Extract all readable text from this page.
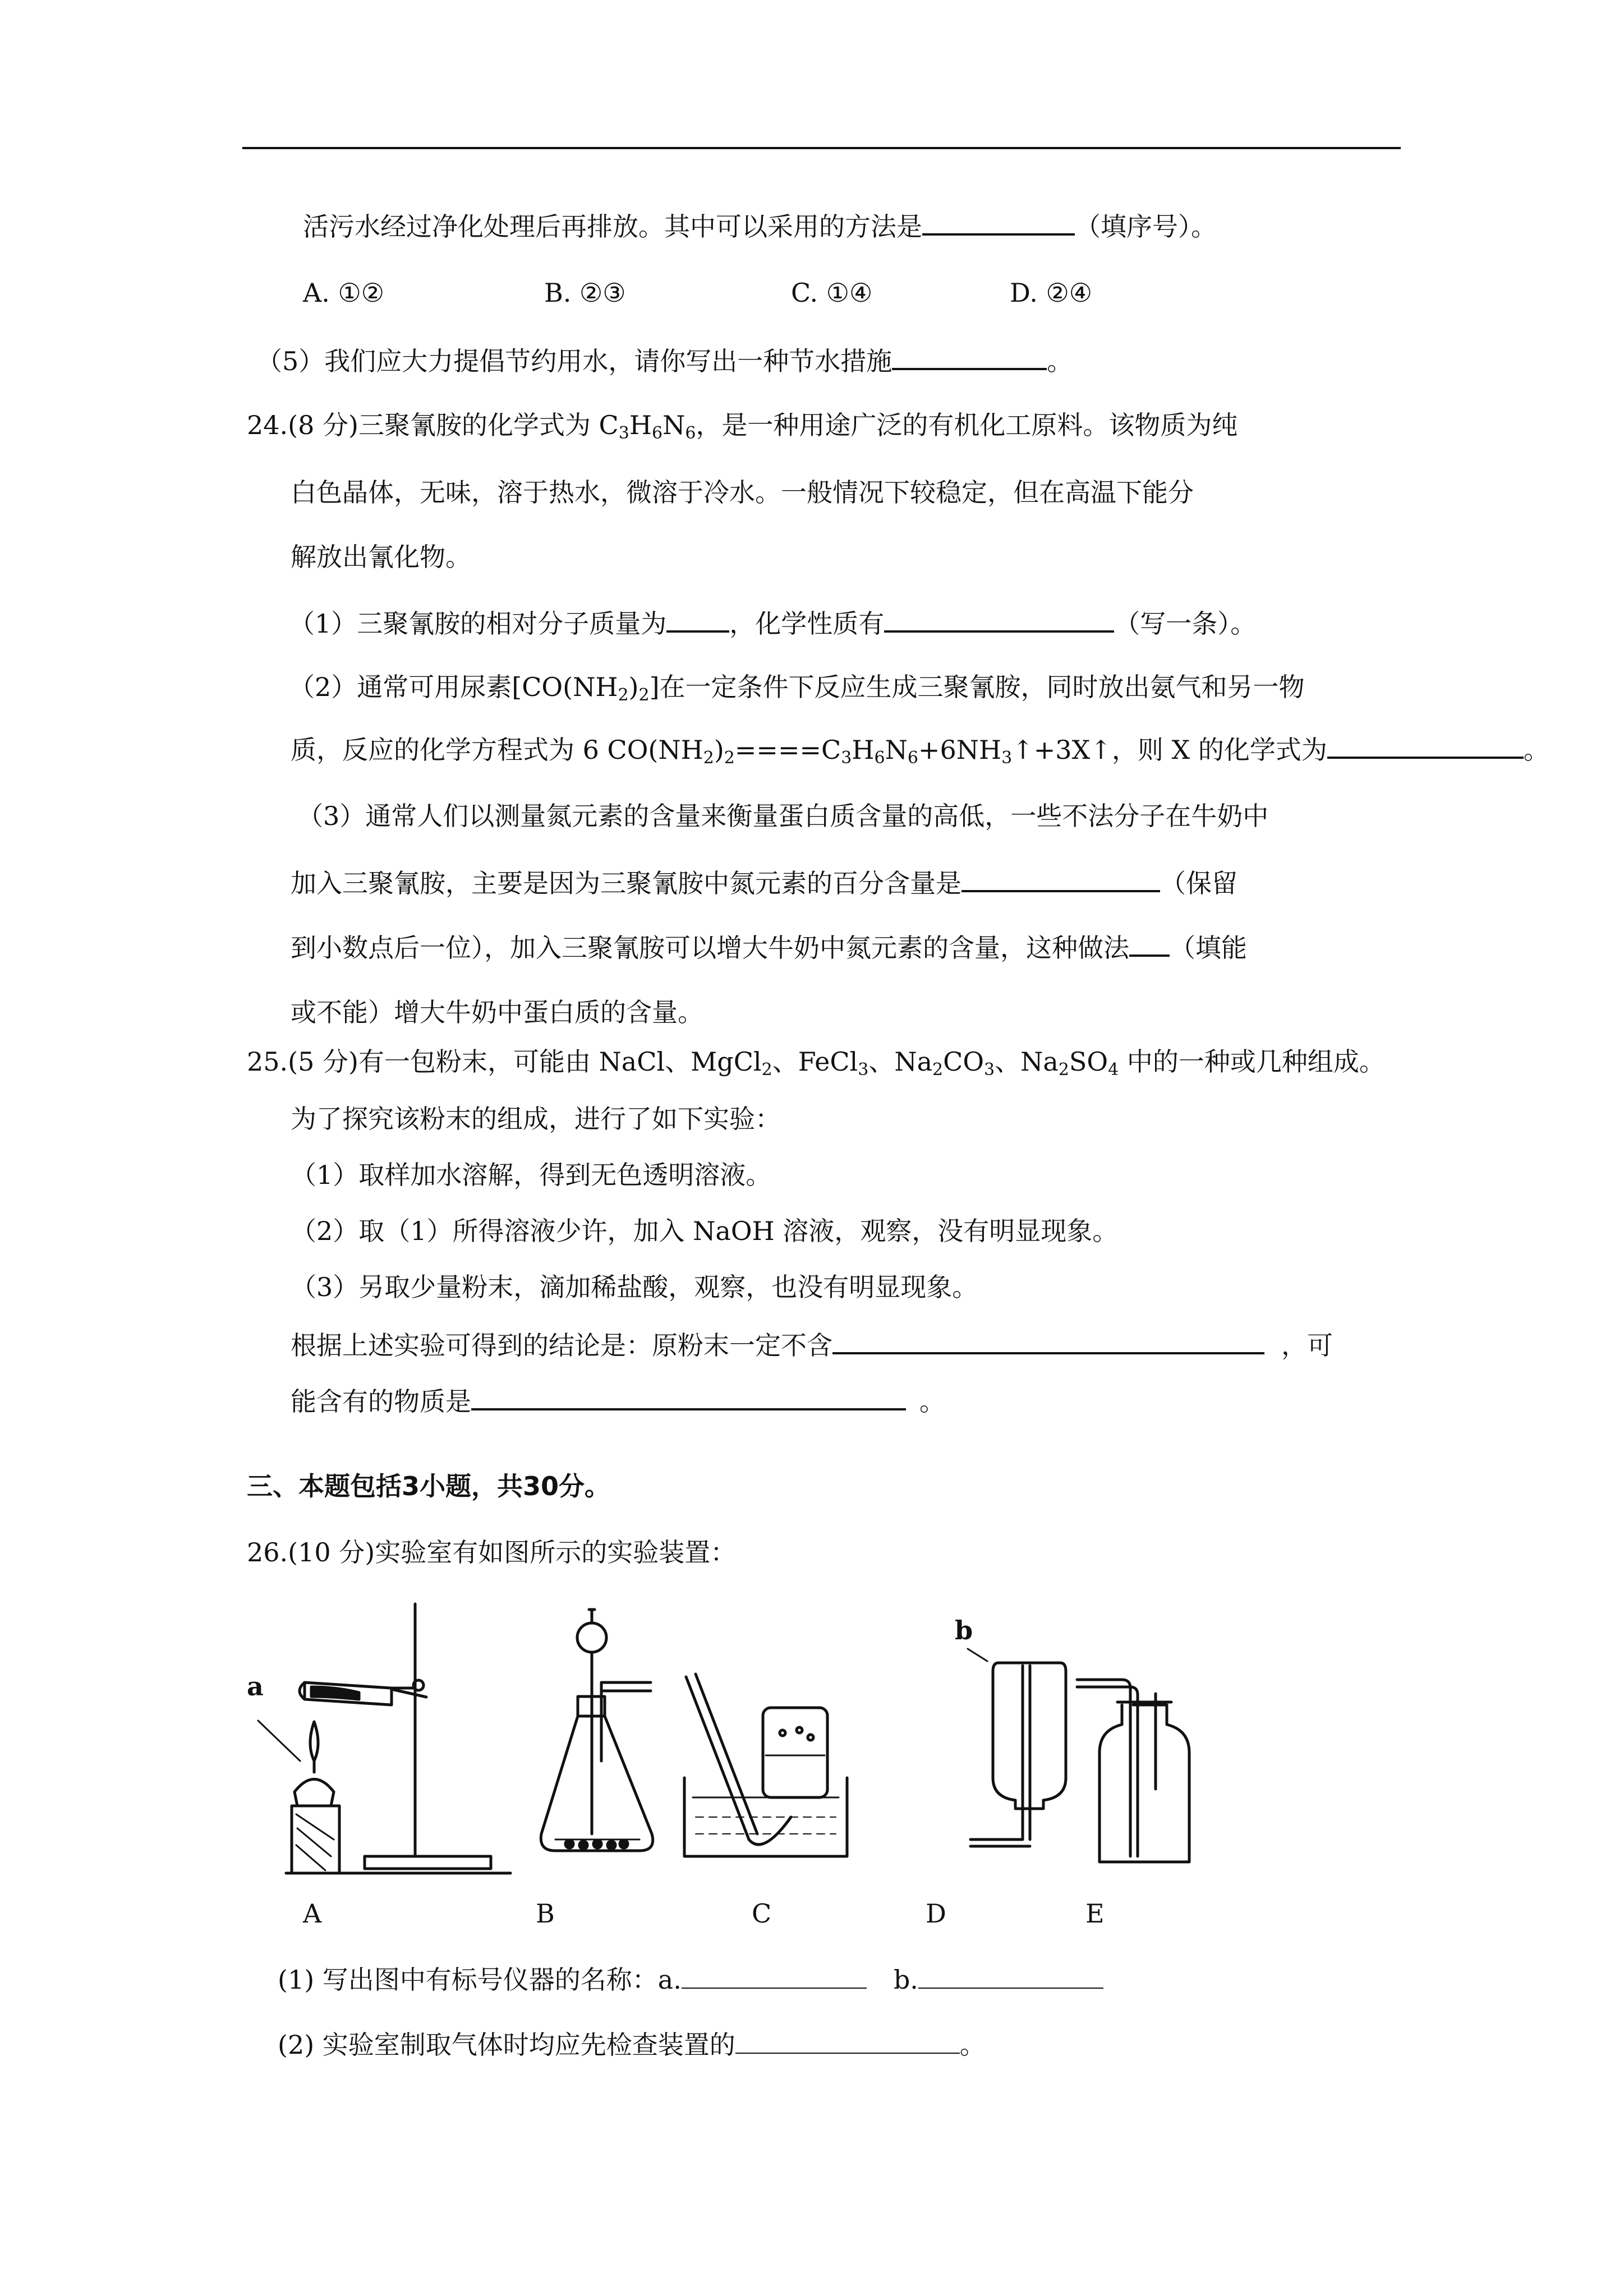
活污水经过净化处理后再排放。其中可以采用的方法是	（填序号）。
A. ①②	B. ②③	C. ①④	D. ②④
（5）我们应大力提倡节约用水，请你写出一种节水措施	。
24.(8 分)三聚氰胺的化学式为 $C_3H_6N_6$，是一种用途广泛的有机化工原料。该物质为纯
白色晶体，无味，溶于热水，微溶于冷水。一般情况下较稳定，但在高温下能分
解放出氰化物。
（1）三聚氰胺的相对分子质量为 ，化学性质有	（写一条）。
（2）通常可用尿素$[CO(NH_2)_2]$在一定条件下反应生成三聚氰胺，同时放出氨气和另一物
质，反应的化学方程式为 6 $CO(NH_2)_2====C_3H_6N_6+6NH_3↑+3X↑$，则 X 的化学式为	。
（3）通常人们以测量氮元素的含量来衡量蛋白质含量的高低，一些不法分子在牛奶中
加入三聚氰胺，主要是因为三聚氰胺中氮元素的百分含量是	（保留
到小数点后一位），加入三聚氰胺可以增大牛奶中氮元素的含量，这种做法 （填能
或不能）增大牛奶中蛋白质的含量。
25.(5 分)有一包粉末，可能由 NaCl、MgCl$_2$、FeCl$_3$、$Na_2CO_3$、$Na_2SO_4$ 中的一种或几种组成。
为了探究该粉末的组成，进行了如下实验：
（1）取样加水溶解，得到无色透明溶液。
（2）取（1）所得溶液少许，加入 NaOH 溶液，观察，没有明显现象。
（3）另取少量粉末，滴加稀盐酸，观察，也没有明显现象。
根据上述实验可得到的结论是：原粉末一定不含	，可
能含有的物质是	。
三、本题包括3小题，共30分。
26.(10 分)实验室有如图所示的实验装置：
a
b
A	B	C	D	E
(1) 写出图中有标号仪器的名称：a.	b.
(2) 实验室制取气体时均应先检查装置的	。
